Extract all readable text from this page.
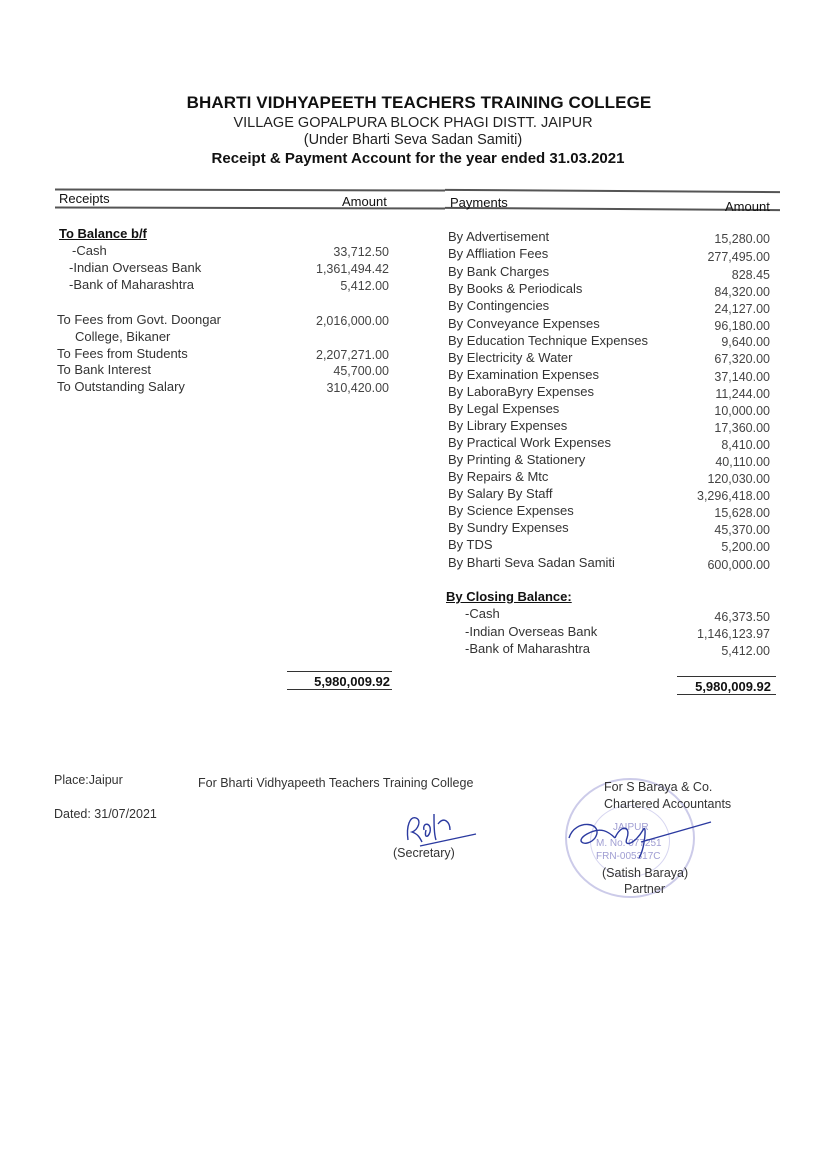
BHARTI VIDHYAPEETH TEACHERS TRAINING COLLEGE
VILLAGE GOPALPURA BLOCK PHAGI DISTT. JAIPUR
(Under Bharti Seva Sadan Samiti)
Receipt & Payment Account for the year ended 31.03.2021
Receipts	Amount	Payments	Amount
To Balance b/f
-Cash	33,712.50
-Indian Overseas Bank	1,361,494.42
-Bank of Maharashtra	5,412.00
To Fees from Govt. Doongar
College, Bikaner
2,016,000.00
To Fees from Students	2,207,271.00
To Bank Interest	45,700.00
To Outstanding Salary	310,420.00
5,980,009.92
By Advertisement	15,280.00
By Affliation Fees	277,495.00
By Bank Charges	828.45
By Books & Periodicals	84,320.00
By Contingencies	24,127.00
By Conveyance Expenses	96,180.00
By Education Technique Expenses	9,640.00
By Electricity & Water	67,320.00
By Examination Expenses	37,140.00
By LaboraByry Expenses	11,244.00
By Legal Expenses	10,000.00
By Library Expenses	17,360.00
By Practical Work Expenses	8,410.00
By Printing & Stationery	40,110.00
By Repairs & Mtc	120,030.00
By Salary By Staff	3,296,418.00
By Science Expenses	15,628.00
By Sundry Expenses	45,370.00
By TDS	5,200.00
By Bharti Seva Sadan Samiti	600,000.00
By Closing Balance:
-Cash	46,373.50
-Indian Overseas Bank	1,146,123.97
-Bank of Maharashtra	5,412.00
5,980,009.92
Place:Jaipur
Dated: 31/07/2021
For Bharti Vidhyapeeth Teachers Training College
(Secretary)
JAIPUR
M. No. 077251
FRN-005317C
For S Baraya & Co.
Chartered Accountants
(Satish Baraya)
Partner
